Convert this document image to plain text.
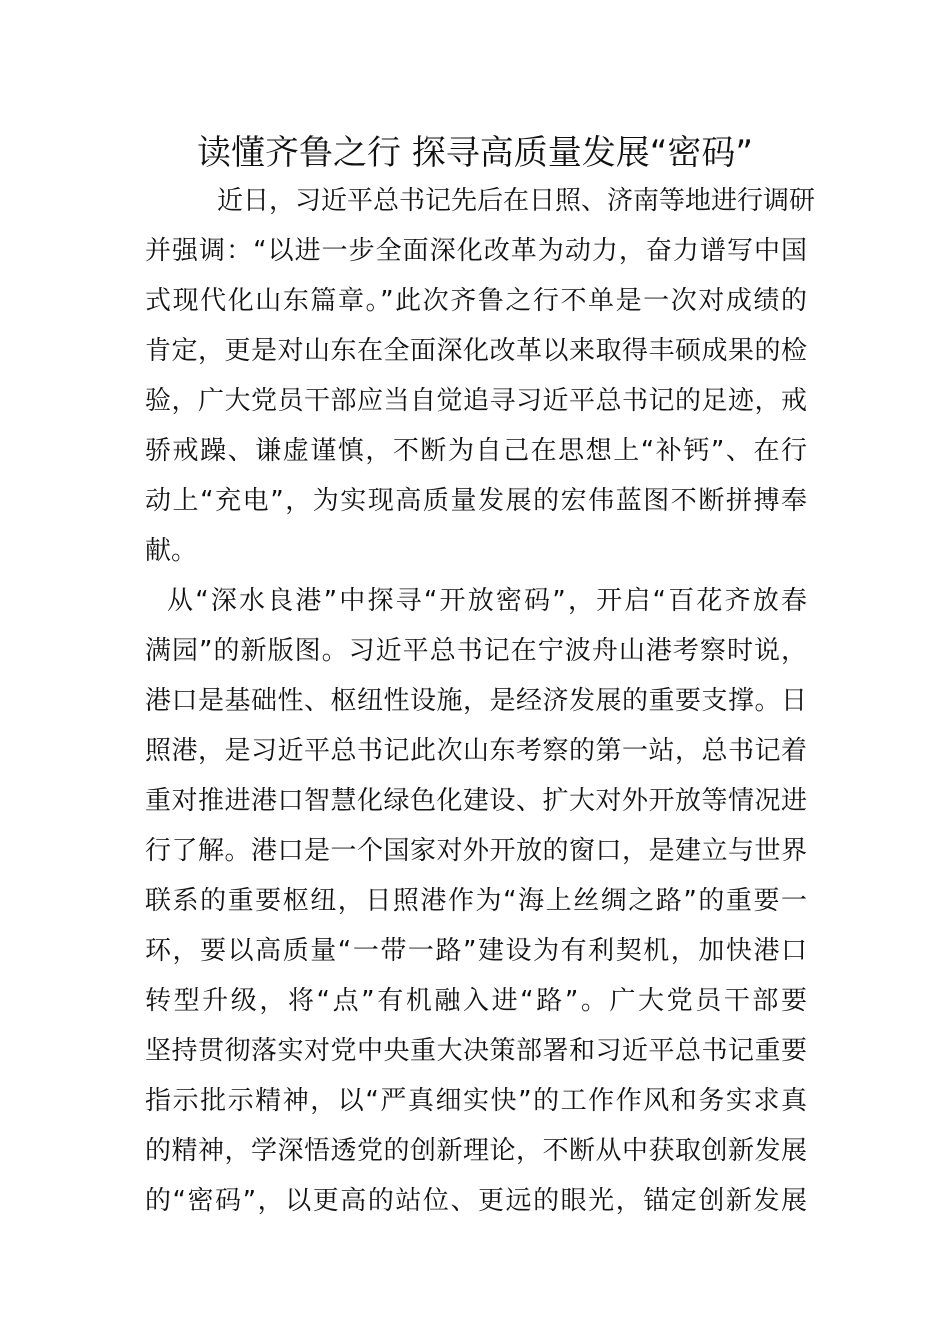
读懂齐鲁之行 探寻高质量发展“密码”
近日，习近平总书记先后在日照、济南等地进行调研
并强调：“以进一步全面深化改革为动力，奋力谱写中国
式现代化山东篇章。”此次齐鲁之行不单是一次对成绩的
肯定，更是对山东在全面深化改革以来取得丰硕成果的检
验，广大党员干部应当自觉追寻习近平总书记的足迹，戒
骄戒躁、谦虚谨慎，不断为自己在思想上“补钙”、在行
动上“充电”，为实现高质量发展的宏伟蓝图不断拼搏奉
献。
从“深水良港”中探寻“开放密码”，开启“百花齐放春
满园”的新版图。习近平总书记在宁波舟山港考察时说，
港口是基础性、枢纽性设施，是经济发展的重要支撑。日
照港，是习近平总书记此次山东考察的第一站，总书记着
重对推进港口智慧化绿色化建设、扩大对外开放等情况进
行了解。港口是一个国家对外开放的窗口，是建立与世界
联系的重要枢纽，日照港作为“海上丝绸之路”的重要一
环，要以高质量“一带一路”建设为有利契机，加快港口
转型升级，将“点”有机融入进“路”。广大党员干部要
坚持贯彻落实对党中央重大决策部署和习近平总书记重要
指示批示精神，以“严真细实快”的工作作风和务实求真
的精神，学深悟透党的创新理论，不断从中获取创新发展
的“密码”，以更高的站位、更远的眼光，锚定创新发展
